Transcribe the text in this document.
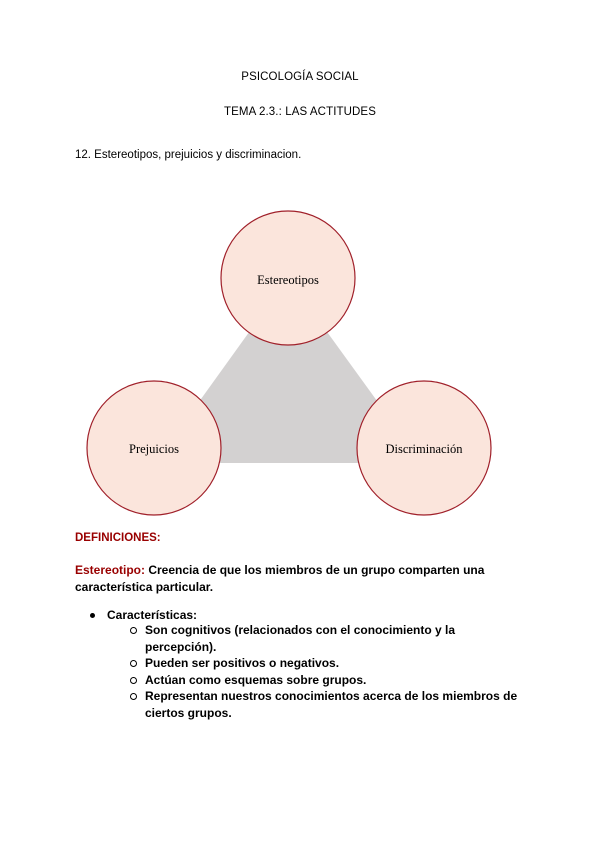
PSICOLOGÍA SOCIAL
TEMA 2.3.: LAS ACTITUDES
12. Estereotipos, prejuicios y discriminacion.
Estereotipos
Prejuicios	Discriminación
DEFINICIONES:
Estereotipo: Creencia de que los miembros de un grupo comparten una característica particular.
Características:
Son cognitivos (relacionados con el conocimiento y la percepción).
Pueden ser positivos o negativos.
Actúan como esquemas sobre grupos.
Representan nuestros conocimientos acerca de los miembros de ciertos grupos.
